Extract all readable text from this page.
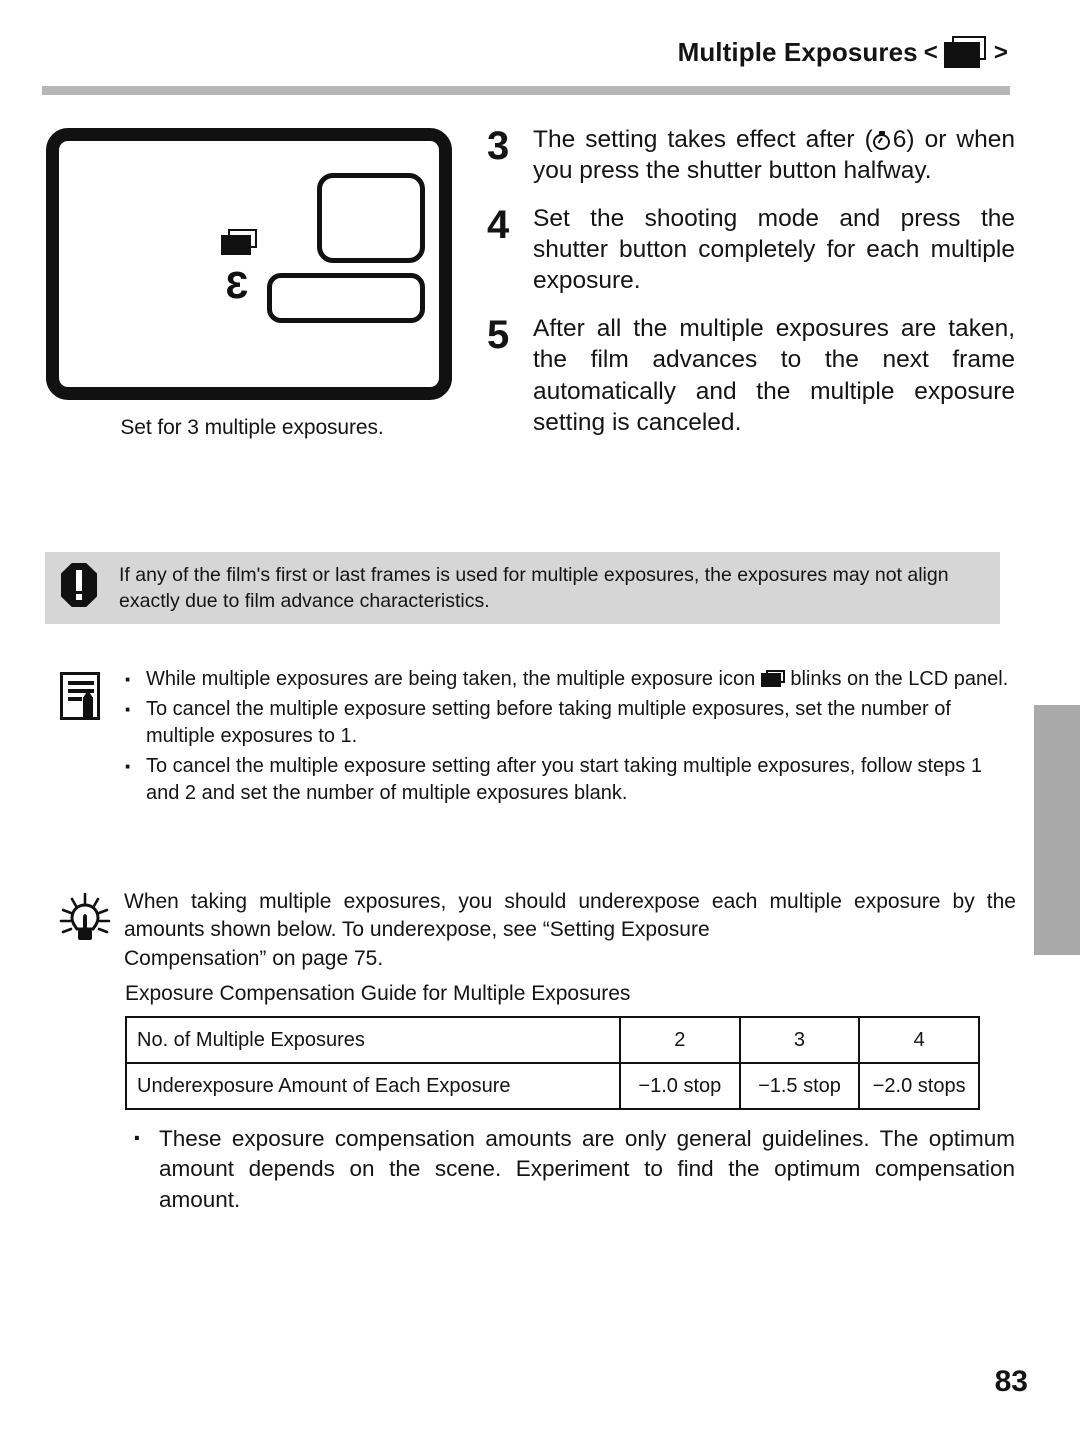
Multiple Exposures < >
3
Set for 3 multiple exposures.
3 The setting takes effect after ( 6) or when you press the shutter button halfway.
4 Set the shooting mode and press the shutter button completely for each multiple exposure.
5 After all the multiple exposures are taken, the film advances to the next frame automatically and the multiple exposure setting is canceled.
If any of the film's first or last frames is used for multiple exposures, the exposures may not align exactly due to film advance characteristics.
· While multiple exposures are being taken, the multiple exposure icon
blinks on the LCD panel.
· To cancel the multiple exposure setting before taking multiple exposures, set the number of multiple exposures to 1.
· To cancel the multiple exposure setting after you start taking multiple exposures, follow steps 1 and 2 and set the number of multiple exposures blank.
When taking multiple exposures, you should underexpose each multiple exposure by the amounts shown below. To underexpose, see “Setting Exposure
Compensation” on page 75.
Exposure Compensation Guide for Multiple Exposures
No. of Multiple Exposures	2	3	4
Underexposure Amount of Each Exposure	−1.0 stop	−1.5 stop	−2.0 stops
· These exposure compensation amounts are only general guidelines. The optimum amount depends on the scene. Experiment to find the optimum compensation amount.
83
